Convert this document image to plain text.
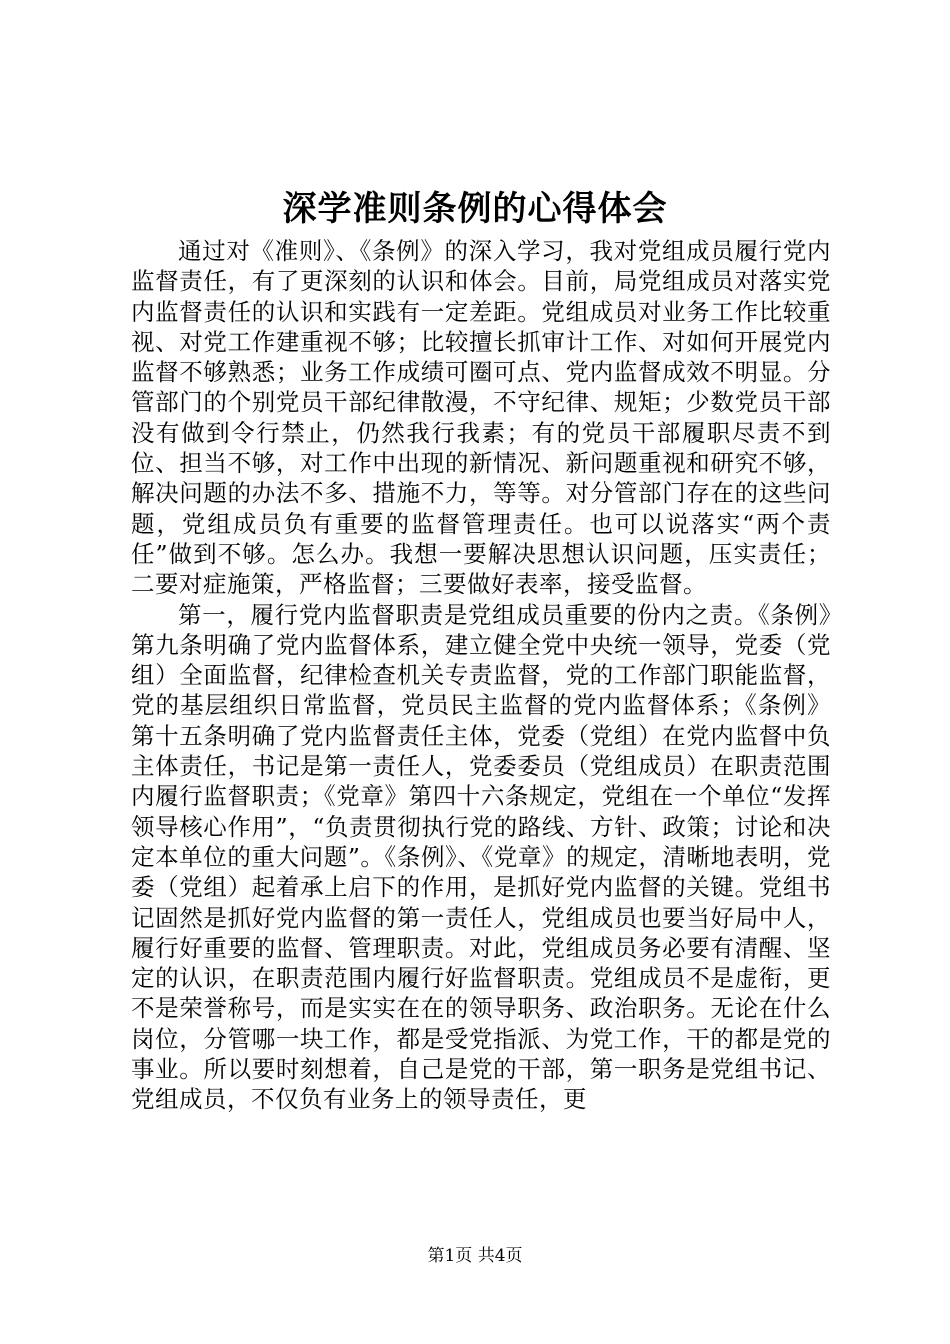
深学准则条例的心得体会

通过对《准则》、《条例》的深入学习，我对党组成员履行党内监督责任，有了更深刻的认识和体会。目前，局党组成员对落实党内监督责任的认识和实践有一定差距。党组成员对业务工作比较重视、对党工作建重视不够；比较擅长抓审计工作、对如何开展党内监督不够熟悉；业务工作成绩可圈可点、党内监督成效不明显。分管部门的个别党员干部纪律散漫，不守纪律、规矩；少数党员干部没有做到令行禁止，仍然我行我素；有的党员干部履职尽责不到位、担当不够，对工作中出现的新情况、新问题重视和研究不够，解决问题的办法不多、措施不力，等等。对分管部门存在的这些问题，党组成员负有重要的监督管理责任。也可以说落实“两个责任”做到不够。怎么办。我想一要解决思想认识问题，压实责任；二要对症施策，严格监督；三要做好表率，接受监督。

第一，履行党内监督职责是党组成员重要的份内之责。《条例》第九条明确了党内监督体系，建立健全党中央统一领导，党委（党组）全面监督，纪律检查机关专责监督，党的工作部门职能监督，党的基层组织日常监督，党员民主监督的党内监督体系；《条例》第十五条明确了党内监督责任主体，党委（党组）在党内监督中负主体责任，书记是第一责任人，党委委员（党组成员）在职责范围内履行监督职责；《党章》第四十六条规定，党组在一个单位“发挥领导核心作用”，“负责贯彻执行党的路线、方针、政策；讨论和决定本单位的重大问题”。《条例》、《党章》的规定，清晰地表明，党委（党组）起着承上启下的作用，是抓好党内监督的关键。党组书记固然是抓好党内监督的第一责任人，党组成员也要当好局中人，履行好重要的监督、管理职责。对此，党组成员务必要有清醒、坚定的认识，在职责范围内履行好监督职责。党组成员不是虚衔，更不是荣誉称号，而是实实在在的领导职务、政治职务。无论在什么岗位，分管哪一块工作，都是受党指派、为党工作，干的都是党的事业。所以要时刻想着，自己是党的干部，第一职务是党组书记、党组成员，不仅负有业务上的领导责任，更

第1页 共4页
